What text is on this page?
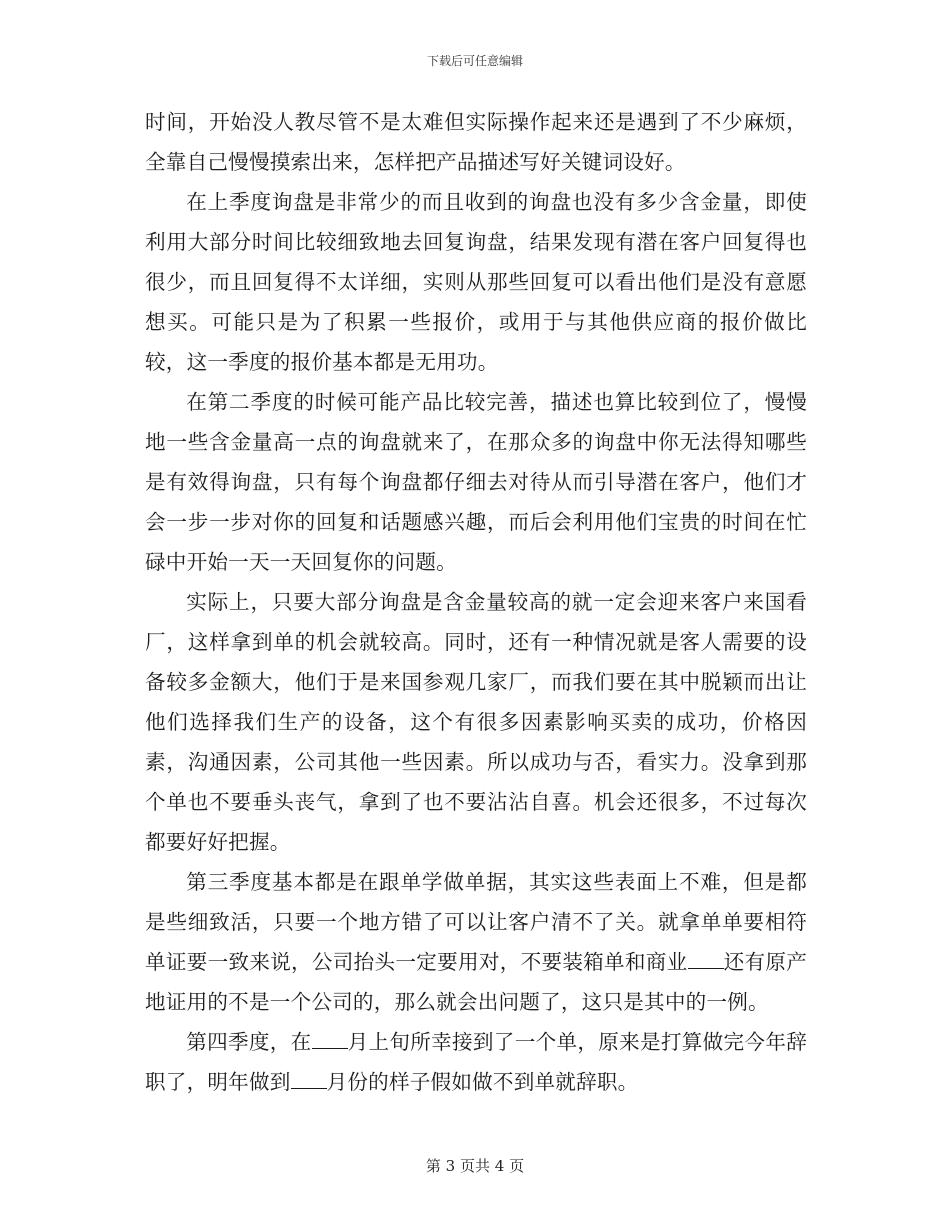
下载后可任意编辑

时间，开始没人教尽管不是太难但实际操作起来还是遇到了不少麻烦，全靠自己慢慢摸索出来，怎样把产品描述写好关键词设好。

在上季度询盘是非常少的而且收到的询盘也没有多少含金量，即使利用大部分时间比较细致地去回复询盘，结果发现有潜在客户回复得也很少，而且回复得不太详细，实则从那些回复可以看出他们是没有意愿想买。可能只是为了积累一些报价，或用于与其他供应商的报价做比较，这一季度的报价基本都是无用功。

在第二季度的时候可能产品比较完善，描述也算比较到位了，慢慢地一些含金量高一点的询盘就来了，在那众多的询盘中你无法得知哪些是有效得询盘，只有每个询盘都仔细去对待从而引导潜在客户，他们才会一步一步对你的回复和话题感兴趣，而后会利用他们宝贵的时间在忙碌中开始一天一天回复你的问题。

实际上，只要大部分询盘是含金量较高的就一定会迎来客户来国看厂，这样拿到单的机会就较高。同时，还有一种情况就是客人需要的设备较多金额大，他们于是来国参观几家厂，而我们要在其中脱颖而出让他们选择我们生产的设备，这个有很多因素影响买卖的成功，价格因素，沟通因素，公司其他一些因素。所以成功与否，看实力。没拿到那个单也不要垂头丧气，拿到了也不要沾沾自喜。机会还很多，不过每次都要好好把握。

第三季度基本都是在跟单学做单据，其实这些表面上不难，但是都是些细致活，只要一个地方错了可以让客户清不了关。就拿单单要相符单证要一致来说，公司抬头一定要用对，不要装箱单和商业 还有原产地证用的不是一个公司的，那么就会出问题了，这只是其中的一例。

第四季度，在 月上旬所幸接到了一个单，原来是打算做完今年辞职了，明年做到 月份的样子假如做不到单就辞职。

第 3 页共 4 页
